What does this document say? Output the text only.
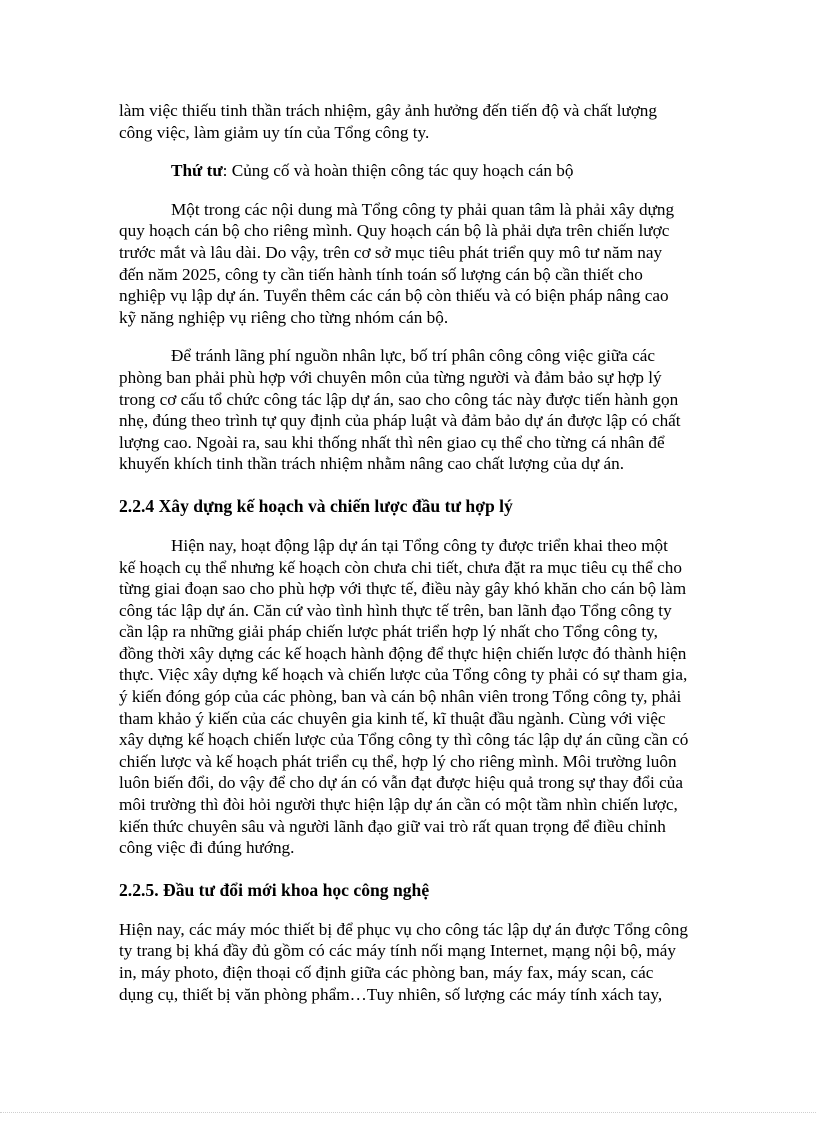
làm việc thiếu tinh thần trách nhiệm, gây ảnh hưởng đến tiến độ và chất lượng
công việc, làm giảm uy tín của Tổng công ty.
Thứ tư: Củng cố và hoàn thiện công tác quy hoạch cán bộ
Một trong các nội dung mà Tổng công ty phải quan tâm là phải xây dựng
quy hoạch cán bộ cho riêng mình. Quy hoạch cán bộ là phải dựa trên chiến lược
trước mắt và lâu dài. Do vậy, trên cơ sở mục tiêu phát triển quy mô tư năm nay
đến năm 2025, công ty cần tiến hành tính toán số lượng cán bộ cần thiết cho
nghiệp vụ lập dự án. Tuyển thêm các cán bộ còn thiếu và có biện pháp nâng cao
kỹ năng nghiệp vụ riêng cho từng nhóm cán bộ.
Để tránh lãng phí nguồn nhân lực, bố trí phân công công việc giữa các
phòng ban phải phù hợp với chuyên môn của từng người và đảm bảo sự hợp lý
trong cơ cấu tổ chức công tác lập dự án, sao cho công tác này được tiến hành gọn
nhẹ, đúng theo trình tự quy định của pháp luật và đảm bảo dự án được lập có chất
lượng cao. Ngoài ra, sau khi thống nhất thì nên giao cụ thể cho từng cá nhân để
khuyến khích tinh thần trách nhiệm nhằm nâng cao chất lượng của dự án.
2.2.4 Xây dựng kế hoạch và chiến lược đầu tư hợp lý
Hiện nay, hoạt động lập dự án tại Tổng công ty được triển khai theo một
kế hoạch cụ thể nhưng kế hoạch còn chưa chi tiết, chưa đặt ra mục tiêu cụ thể cho
từng giai đoạn sao cho phù hợp với thực tế, điều này gây khó khăn cho cán bộ làm
công tác lập dự án. Căn cứ vào tình hình thực tế trên, ban lãnh đạo Tổng công ty
cần lập ra những giải pháp chiến lược phát triển hợp lý nhất cho Tổng công ty,
đồng thời xây dựng các kế hoạch hành động để thực hiện chiến lược đó thành hiện
thực. Việc xây dựng kế hoạch và chiến lược của Tổng công ty phải có sự tham gia,
ý kiến đóng góp của các phòng, ban và cán bộ nhân viên trong Tổng công ty, phải
tham khảo ý kiến của các chuyên gia kinh tế, kĩ thuật đầu ngành. Cùng với việc
xây dựng kế hoạch chiến lược của Tổng công ty thì công tác lập dự án cũng cần có
chiến lược và kế hoạch phát triển cụ thể, hợp lý cho riêng mình. Môi trường luôn
luôn biến đổi, do vậy để cho dự án có vẫn đạt được hiệu quả trong sự thay đổi của
môi trường thì đòi hỏi người thực hiện lập dự án cần có một tầm nhìn chiến lược,
kiến thức chuyên sâu và người lãnh đạo giữ vai trò rất quan trọng để điều chỉnh
công việc đi đúng hướng.
2.2.5. Đầu tư đổi mới khoa học công nghệ
Hiện nay, các máy móc thiết bị để phục vụ cho công tác lập dự án được Tổng công
ty trang bị khá đầy đủ gồm có các máy tính nối mạng Internet, mạng nội bộ, máy
in, máy photo, điện thoại cố định giữa các phòng ban, máy fax, máy scan, các
dụng cụ, thiết bị văn phòng phẩm…Tuy nhiên, số lượng các máy tính xách tay,
